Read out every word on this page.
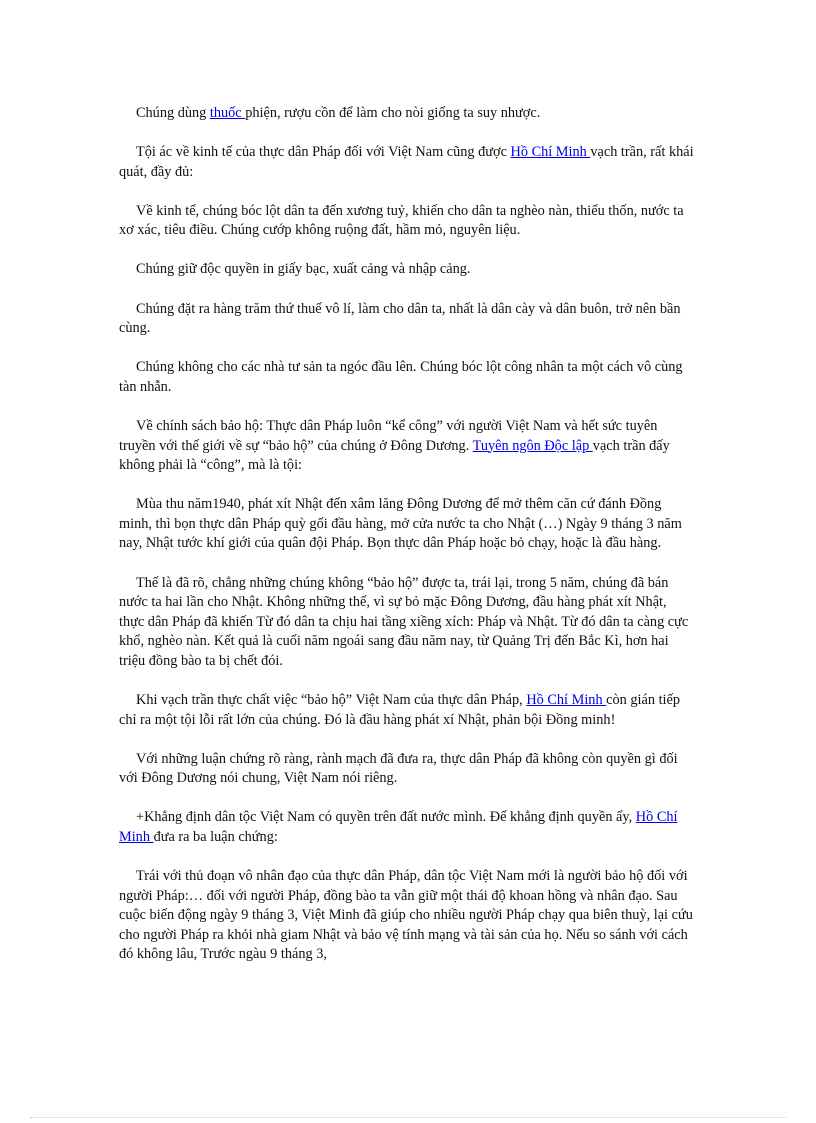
Chúng dùng thuốc phiện, rượu cồn để làm cho nòi giống ta suy nhược.

Tội ác về kinh tế của thực dân Pháp đối với Việt Nam cũng được Hồ Chí Minh vạch trần, rất khái quát, đầy đủ:

Về kinh tế, chúng bóc lột dân ta đến xương tuỷ, khiến cho dân ta nghèo nàn, thiếu thốn, nước ta xơ xác, tiêu điều. Chúng cướp không ruộng đất, hầm mỏ, nguyên liệu.

Chúng giữ độc quyền in giấy bạc, xuất cảng và nhập cảng.

Chúng đặt ra hàng trăm thứ thuế vô lí, làm cho dân ta, nhất là dân cày và dân buôn, trở nên bần cùng.

Chúng không cho các nhà tư sản ta ngóc đầu lên. Chúng bóc lột công nhân ta một cách vô cùng tàn nhẫn.

Về chính sách bảo hộ: Thực dân Pháp luôn “kể công” với người Việt Nam và hết sức tuyên truyền với thế giới về sự “bảo hộ” của chúng ở Đông Dương. Tuyên ngôn Độc lập vạch trần đấy không phải là “công”, mà là tội:

Mùa thu năm1940, phát xít Nhật đến xâm lăng Đông Dương để mở thêm căn cứ đánh Đồng minh, thì bọn thực dân Pháp quỳ gối đầu hàng, mở cửa nước ta cho Nhật (…) Ngày 9 tháng 3 năm nay, Nhật tước khí giới của quân đội Pháp. Bọn thực dân Pháp hoặc bỏ chạy, hoặc là đầu hàng.

Thế là đã rõ, chẳng những chúng không “bảo hộ” được ta, trái lại, trong 5 năm, chúng đã bán nước ta hai lần cho Nhật. Không những thế, vì sự bỏ mặc Đông Dương, đầu hàng phát xít Nhật, thực dân Pháp đã khiến Từ đó dân ta chịu hai tầng xiềng xích: Pháp và Nhật. Từ đó dân ta càng cực khổ, nghèo nàn. Kết quả là cuối năm ngoái sang đầu năm nay, từ Quảng Trị đến Bắc Kì, hơn hai triệu đồng bào ta bị chết đói.

Khi vạch trần thực chất việc “bảo hộ” Việt Nam của thực dân Pháp, Hồ Chí Minh còn gián tiếp chỉ ra một tội lỗi rất lớn của chúng. Đó là đầu hàng phát xí Nhật, phản bội Đồng minh!

Với những luận chứng rõ ràng, rành mạch đã đưa ra, thực dân Pháp đã không còn quyền gì đối với Đông Dương nói chung, Việt Nam nói riêng.

+Khẳng định dân tộc Việt Nam có quyền trên đất nước mình. Để khẳng định quyền ấy, Hồ Chí Minh đưa ra ba luận chứng:

Trái với thủ đoạn vô nhân đạo của thực dân Pháp, dân tộc Việt Nam mới là người bảo hộ đối với người Pháp:… đối với người Pháp, đồng bào ta vẫn giữ một thái độ khoan hồng và nhân đạo. Sau cuộc biến động ngày 9 tháng 3, Việt Minh đã giúp cho nhiều người Pháp chạy qua biên thuỳ, lại cứu cho người Pháp ra khỏi nhà giam Nhật và bảo vệ tính mạng và tài sản của họ. Nếu so sánh với cách đó không lâu, Trước ngàu 9 tháng 3,
